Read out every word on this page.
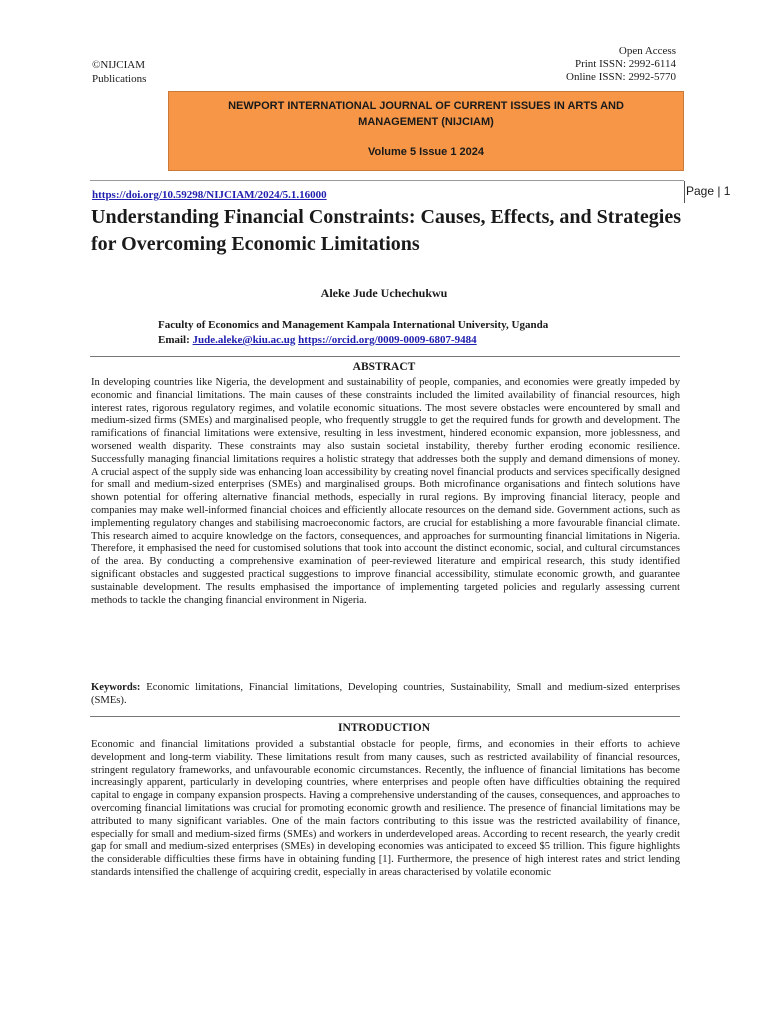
©NIJCIAM
Publications
Open Access
Print ISSN: 2992-6114
Online ISSN: 2992-5770
NEWPORT INTERNATIONAL JOURNAL OF CURRENT ISSUES IN ARTS AND MANAGEMENT (NIJCIAM)
Volume 5 Issue 1 2024
https://doi.org/10.59298/NIJCIAM/2024/5.1.16000	Page | 1
Understanding Financial Constraints: Causes, Effects, and Strategies for Overcoming Economic Limitations
Aleke Jude Uchechukwu
Faculty of Economics and Management Kampala International University, Uganda
Email: Jude.aleke@kiu.ac.ug https://orcid.org/0009-0009-6807-9484
ABSTRACT

In developing countries like Nigeria, the development and sustainability of people, companies, and economies were greatly impeded by economic and financial limitations. The main causes of these constraints included the limited availability of financial resources, high interest rates, rigorous regulatory regimes, and volatile economic situations. The most severe obstacles were encountered by small and medium-sized firms (SMEs) and marginalised people, who frequently struggle to get the required funds for growth and development. The ramifications of financial limitations were extensive, resulting in less investment, hindered economic expansion, more joblessness, and worsened wealth disparity. These constraints may also sustain societal instability, thereby further eroding economic resilience. Successfully managing financial limitations requires a holistic strategy that addresses both the supply and demand dimensions of money. A crucial aspect of the supply side was enhancing loan accessibility by creating novel financial products and services specifically designed for small and medium-sized enterprises (SMEs) and marginalised groups. Both microfinance organisations and fintech solutions have shown potential for offering alternative financial methods, especially in rural regions. By improving financial literacy, people and companies may make well-informed financial choices and efficiently allocate resources on the demand side. Government actions, such as implementing regulatory changes and stabilising macroeconomic factors, are crucial for establishing a more favourable financial climate. This research aimed to acquire knowledge on the factors, consequences, and approaches for surmounting financial limitations in Nigeria. Therefore, it emphasised the need for customised solutions that took into account the distinct economic, social, and cultural circumstances of the area. By conducting a comprehensive examination of peer-reviewed literature and empirical research, this study identified significant obstacles and suggested practical suggestions to improve financial accessibility, stimulate economic growth, and guarantee sustainable development. The results emphasised the importance of implementing targeted policies and regularly assessing current methods to tackle the changing financial environment in Nigeria.

Keywords: Economic limitations, Financial limitations, Developing countries, Sustainability, Small and medium-sized enterprises (SMEs).
INTRODUCTION

Economic and financial limitations provided a substantial obstacle for people, firms, and economies in their efforts to achieve development and long-term viability. These limitations result from many causes, such as restricted availability of financial resources, stringent regulatory frameworks, and unfavourable economic circumstances. Recently, the influence of financial limitations has become increasingly apparent, particularly in developing countries, where enterprises and people often have difficulties obtaining the required capital to engage in company expansion prospects. Having a comprehensive understanding of the causes, consequences, and approaches to overcoming financial limitations was crucial for promoting economic growth and resilience. The presence of financial limitations may be attributed to many significant variables. One of the main factors contributing to this issue was the restricted availability of finance, especially for small and medium-sized firms (SMEs) and workers in underdeveloped areas. According to recent research, the yearly credit gap for small and medium-sized enterprises (SMEs) in developing economies was anticipated to exceed $5 trillion. This figure highlights the considerable difficulties these firms have in obtaining funding [1]. Furthermore, the presence of high interest rates and strict lending standards intensified the challenge of acquiring credit, especially in areas characterised by volatile economic
